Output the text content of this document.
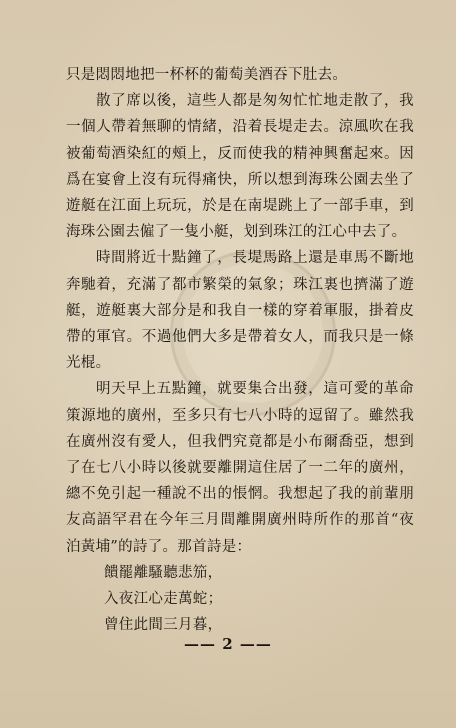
只是悶悶地把一杯杯的葡萄美酒吞下肚去。

散了席以後，這些人都是匆匆忙忙地走散了，我一個人帶着無聊的情緒，沿着長堤走去。涼風吹在我被葡萄酒染紅的頰上，反而使我的精神興奮起來。因爲在宴會上沒有玩得痛快，所以想到海珠公園去坐了遊艇在江面上玩玩，於是在南堤跳上了一部手車，到海珠公園去僱了一隻小艇，划到珠江的江心中去了。

時間將近十點鐘了，長堤馬路上還是車馬不斷地奔馳着，充滿了都市繁榮的氣象；珠江裏也擠滿了遊艇，遊艇裏大部分是和我自一樣的穿着軍服，掛着皮帶的軍官。不過他們大多是帶着女人，而我只是一條光棍。

明天早上五點鐘，就要集合出發，這可愛的革命策源地的廣州，至多只有七八小時的逗留了。雖然我在廣州沒有愛人，但我們究竟都是小布爾喬亞，想到了在七八小時以後就要離開這住居了一二年的廣州，總不免引起一種說不出的悵惘。我想起了我的前輩朋友高語罕君在今年三月間離開廣州時所作的那首“夜泊黃埔”的詩了。那首詩是：

饋罷離騷聽悲笳，
入夜江心走萬蛇；
曾住此間三月暮，
—— 2 ——
